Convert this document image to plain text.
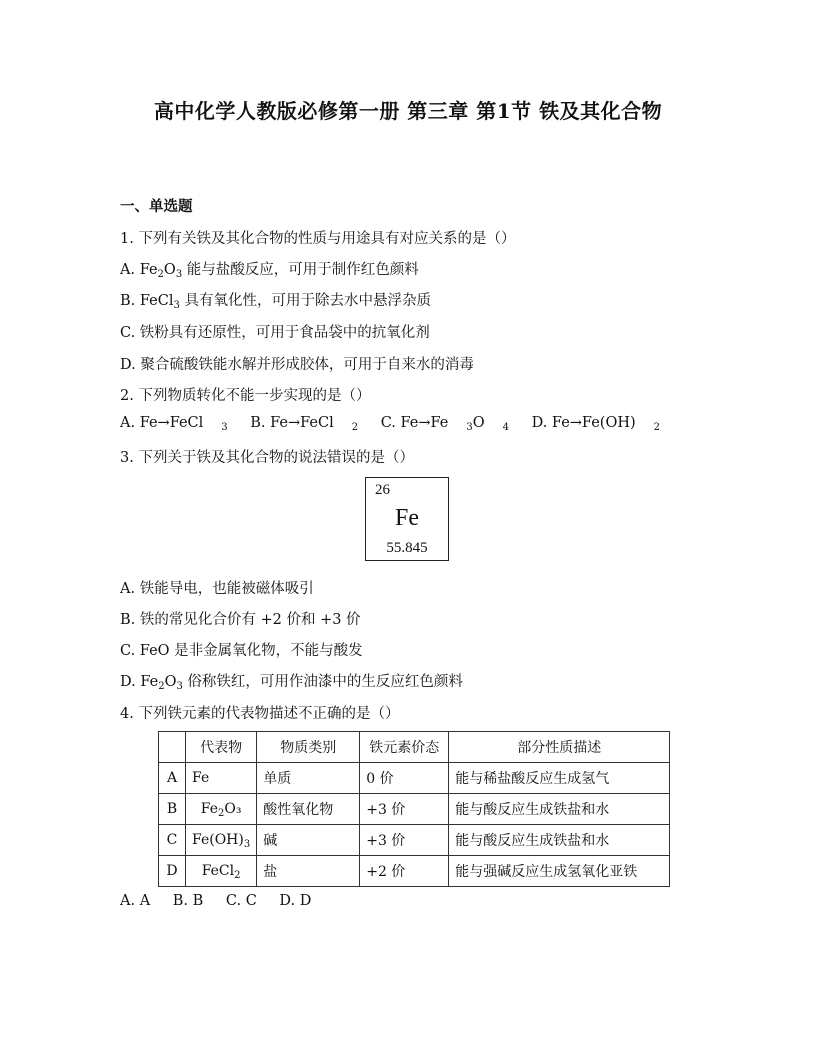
高中化学人教版必修第一册 第三章 第1节 铁及其化合物
一、单选题
1. 下列有关铁及其化合物的性质与用途具有对应关系的是（）
A. $Fe_2O_3$ 能与盐酸反应，可用于制作红色颜料
B. FeCl$_3$ 具有氧化性，可用于除去水中悬浮杂质
C. 铁粉具有还原性，可用于食品袋中的抗氧化剂
D. 聚合硫酸铁能水解并形成胶体，可用于自来水的消毒
2. 下列物质转化不能一步实现的是（）
A. Fe→FeCl $_3$ B. Fe→FeCl $_2$ C. Fe→Fe $_3$O $_4$ D. Fe→Fe(OH) $_2$
3. 下列关于铁及其化合物的说法错误的是（）
26
Fe
55.845
A. 铁能导电，也能被磁体吸引
B. 铁的常见化合价有 +2 价和 +3 价
C. FeO 是非金属氧化物，不能与酸发
D. $Fe_2O_3$ 俗称铁红，可用作油漆中的生反应红色颜料
4. 下列铁元素的代表物描述不正确的是（）
	代表物	物质类别	铁元素价态	部分性质描述
A	Fe	单质	0 价	能与稀盐酸反应生成氢气
B	$Fe_2O_3$	酸性氧化物	+3 价	能与酸反应生成铁盐和水
C	$Fe(OH)_3$	碱	+3 价	能与酸反应生成铁盐和水
D	FeCl$_2$	盐	+2 价	能与强碱反应生成氢氧化亚铁
A. A B. B C. C D. D
